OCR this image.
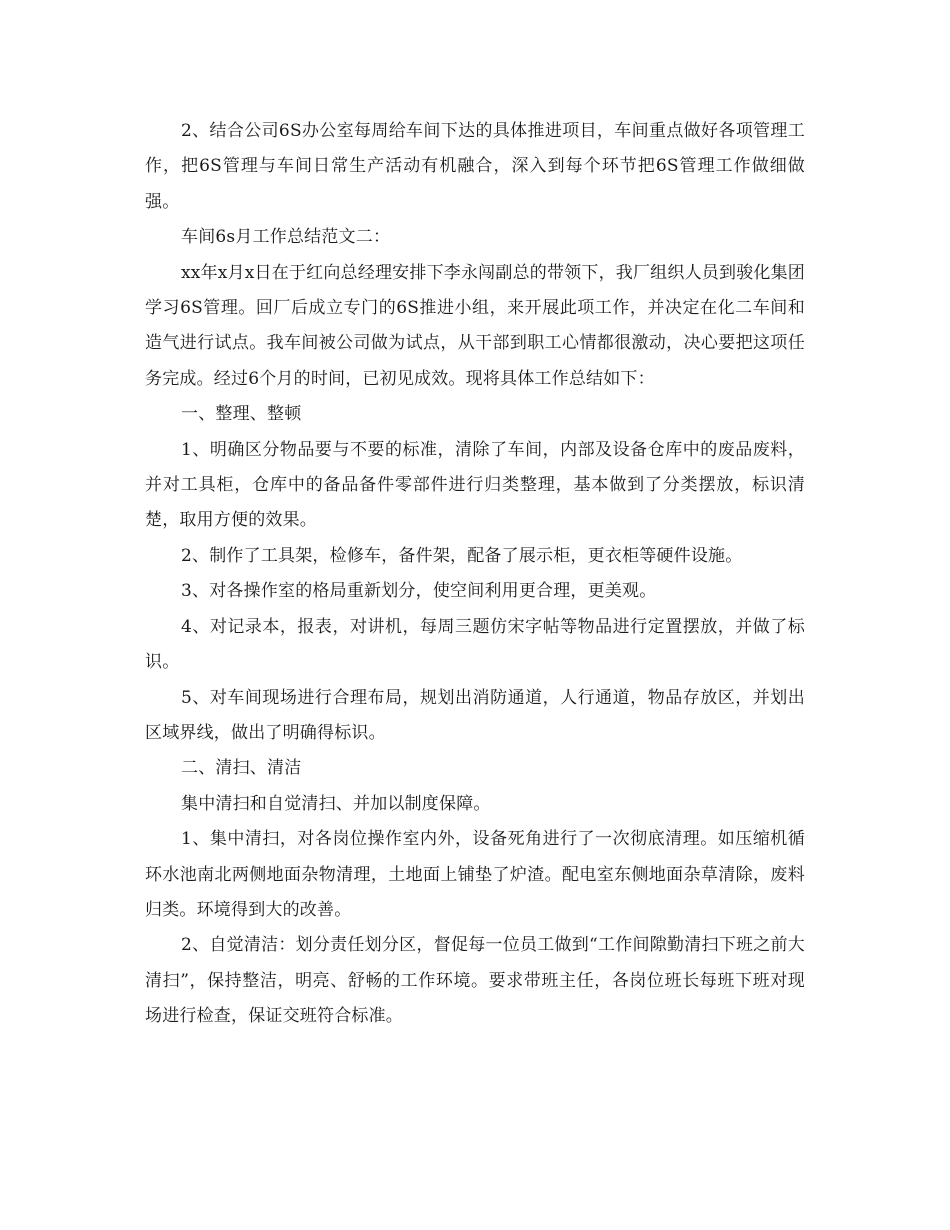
2、结合公司6S办公室每周给车间下达的具体推进项目，车间重点做好各项管理工作，把6S管理与车间日常生产活动有机融合，深入到每个环节把6S管理工作做细做强。

车间6s月工作总结范文二：

xx年x月x日在于红向总经理安排下李永闯副总的带领下，我厂组织人员到骏化集团学习6S管理。回厂后成立专门的6S推进小组，来开展此项工作，并决定在化二车间和造气进行试点。我车间被公司做为试点，从干部到职工心情都很激动，决心要把这项任务完成。经过6个月的时间，已初见成效。现将具体工作总结如下：

一、整理、整顿

1、明确区分物品要与不要的标准，清除了车间，内部及设备仓库中的废品废料，并对工具柜，仓库中的备品备件零部件进行归类整理，基本做到了分类摆放，标识清楚，取用方便的效果。

2、制作了工具架，检修车，备件架，配备了展示柜，更衣柜等硬件设施。

3、对各操作室的格局重新划分，使空间利用更合理，更美观。

4、对记录本，报表，对讲机，每周三题仿宋字帖等物品进行定置摆放，并做了标识。

5、对车间现场进行合理布局，规划出消防通道，人行通道，物品存放区，并划出区域界线，做出了明确得标识。

二、清扫、清洁

集中清扫和自觉清扫、并加以制度保障。

1、集中清扫，对各岗位操作室内外，设备死角进行了一次彻底清理。如压缩机循环水池南北两侧地面杂物清理，土地面上铺垫了炉渣。配电室东侧地面杂草清除，废料归类。环境得到大的改善。

2、自觉清洁：划分责任划分区，督促每一位员工做到“工作间隙勤清扫下班之前大清扫”，保持整洁，明亮、舒畅的工作环境。要求带班主任，各岗位班长每班下班对现场进行检查，保证交班符合标准。
